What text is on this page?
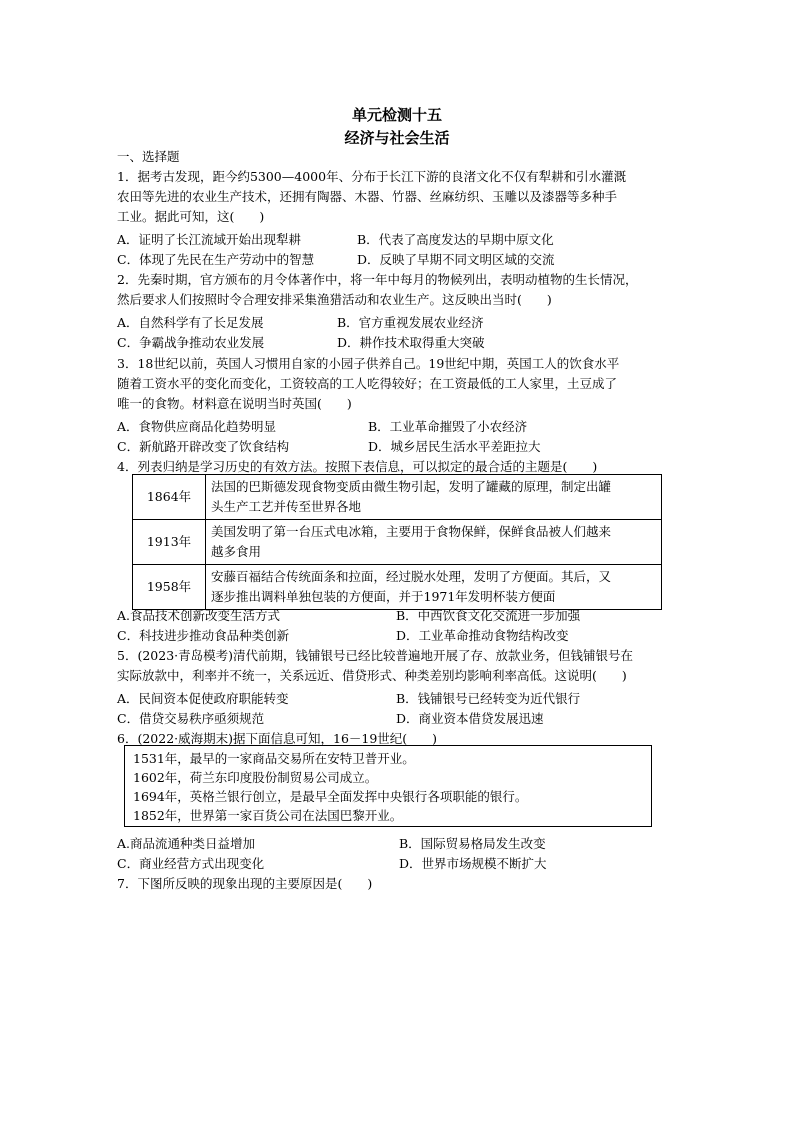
单元检测十五
经济与社会生活
一、选择题
1．据考古发现，距今约5300—4000年、分布于长江下游的良渚文化不仅有犁耕和引水灌溉
农田等先进的农业生产技术，还拥有陶器、木器、竹器、丝麻纺织、玉雕以及漆器等多种手
工业。据此可知，这(　　)
A．证明了长江流域开始出现犁耕	B．代表了高度发达的早期中原文化
C．体现了先民在生产劳动中的智慧	D．反映了早期不同文明区域的交流
2．先秦时期，官方颁布的月令体著作中，将一年中每月的物候列出，表明动植物的生长情况，
然后要求人们按照时令合理安排采集渔猎活动和农业生产。这反映出当时(　　)
A．自然科学有了长足发展	B．官方重视发展农业经济
C．争霸战争推动农业发展	D．耕作技术取得重大突破
3．18世纪以前，英国人习惯用自家的小园子供养自己。19世纪中期，英国工人的饮食水平
随着工资水平的变化而变化，工资较高的工人吃得较好；在工资最低的工人家里，土豆成了
唯一的食物。材料意在说明当时英国(　　)
A．食物供应商品化趋势明显	B．工业革命摧毁了小农经济
C．新航路开辟改变了饮食结构	D．城乡居民生活水平差距拉大
4．列表归纳是学习历史的有效方法。按照下表信息，可以拟定的最合适的主题是(　　)
1864年	法国的巴斯德发现食物变质由微生物引起，发明了罐藏的原理，制定出罐
头生产工艺并传至世界各地

1913年	美国发明了第一台压式电冰箱，主要用于食物保鲜，保鲜食品被人们越来
越多食用

1958年	安藤百福结合传统面条和拉面，经过脱水处理，发明了方便面。其后，又
逐步推出调料单独包装的方便面，并于1971年发明杯装方便面
A.食品技术创新改变生活方式	B．中西饮食文化交流进一步加强
C．科技进步推动食品种类创新	D．工业革命推动食物结构改变
5．(2023·青岛模考)清代前期，钱铺银号已经比较普遍地开展了存、放款业务，但钱铺银号在
实际放款中，利率并不统一，关系远近、借贷形式、种类差别均影响利率高低。这说明(　　)
A．民间资本促使政府职能转变	B．钱铺银号已经转变为近代银行
C．借贷交易秩序亟须规范	D．商业资本借贷发展迅速
6．(2022·威海期末)据下面信息可知，16－19世纪(　　)
1531年，最早的一家商品交易所在安特卫普开业。
1602年，荷兰东印度股份制贸易公司成立。
1694年，英格兰银行创立，是最早全面发挥中央银行各项职能的银行。
1852年，世界第一家百货公司在法国巴黎开业。
A.商品流通种类日益增加	B．国际贸易格局发生改变
C．商业经营方式出现变化	D．世界市场规模不断扩大
7．下图所反映的现象出现的主要原因是(　　)
